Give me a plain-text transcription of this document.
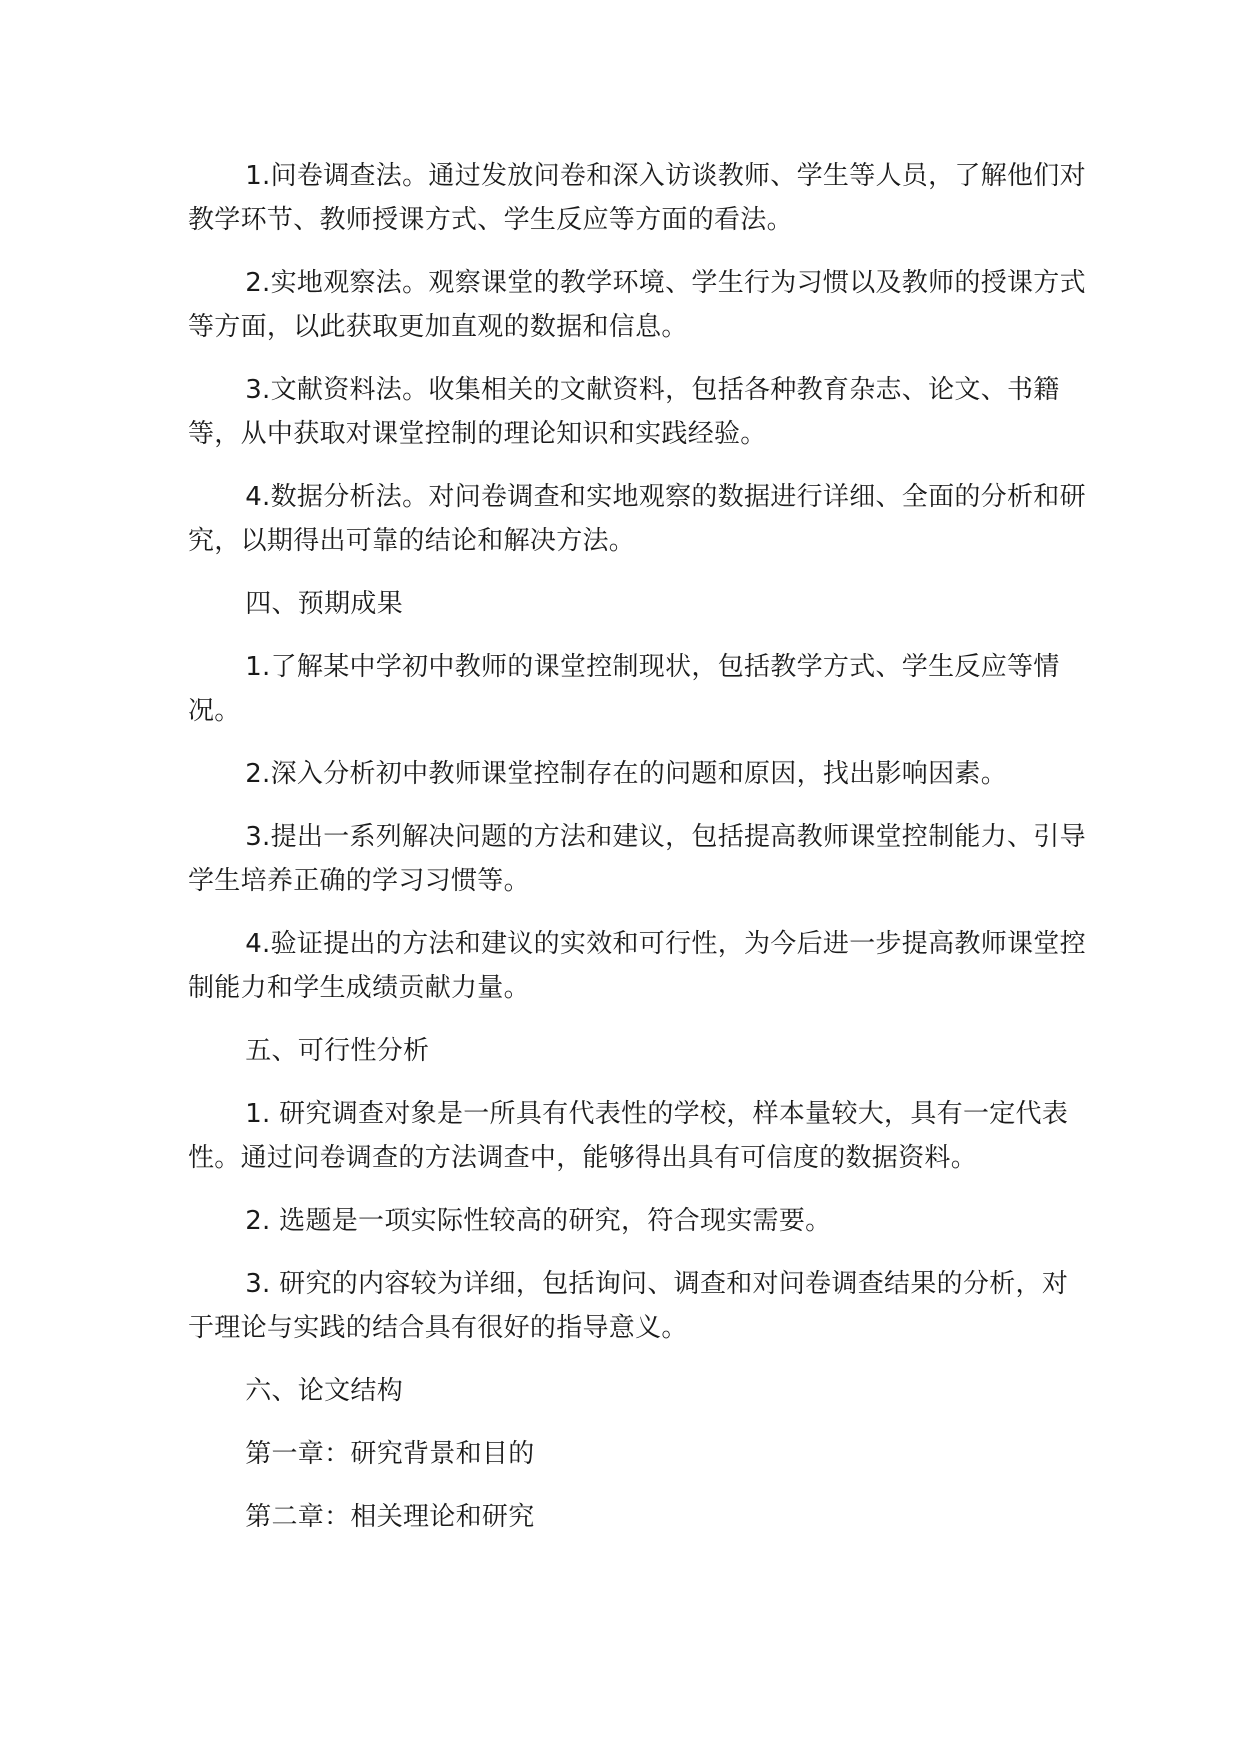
1.问卷调查法。通过发放问卷和深入访谈教师、学生等人员，了解他们对教学环节、教师授课方式、学生反应等方面的看法。

2.实地观察法。观察课堂的教学环境、学生行为习惯以及教师的授课方式等方面，以此获取更加直观的数据和信息。

3.文献资料法。收集相关的文献资料，包括各种教育杂志、论文、书籍等，从中获取对课堂控制的理论知识和实践经验。

4.数据分析法。对问卷调查和实地观察的数据进行详细、全面的分析和研究，以期得出可靠的结论和解决方法。

四、预期成果

1.了解某中学初中教师的课堂控制现状，包括教学方式、学生反应等情况。

2.深入分析初中教师课堂控制存在的问题和原因，找出影响因素。

3.提出一系列解决问题的方法和建议，包括提高教师课堂控制能力、引导学生培养正确的学习习惯等。

4.验证提出的方法和建议的实效和可行性，为今后进一步提高教师课堂控制能力和学生成绩贡献力量。

五、可行性分析

1. 研究调查对象是一所具有代表性的学校，样本量较大，具有一定代表性。通过问卷调查的方法调查中，能够得出具有可信度的数据资料。

2. 选题是一项实际性较高的研究，符合现实需要。

3. 研究的内容较为详细，包括询问、调查和对问卷调查结果的分析，对于理论与实践的结合具有很好的指导意义。

六、论文结构

第一章：研究背景和目的

第二章：相关理论和研究
